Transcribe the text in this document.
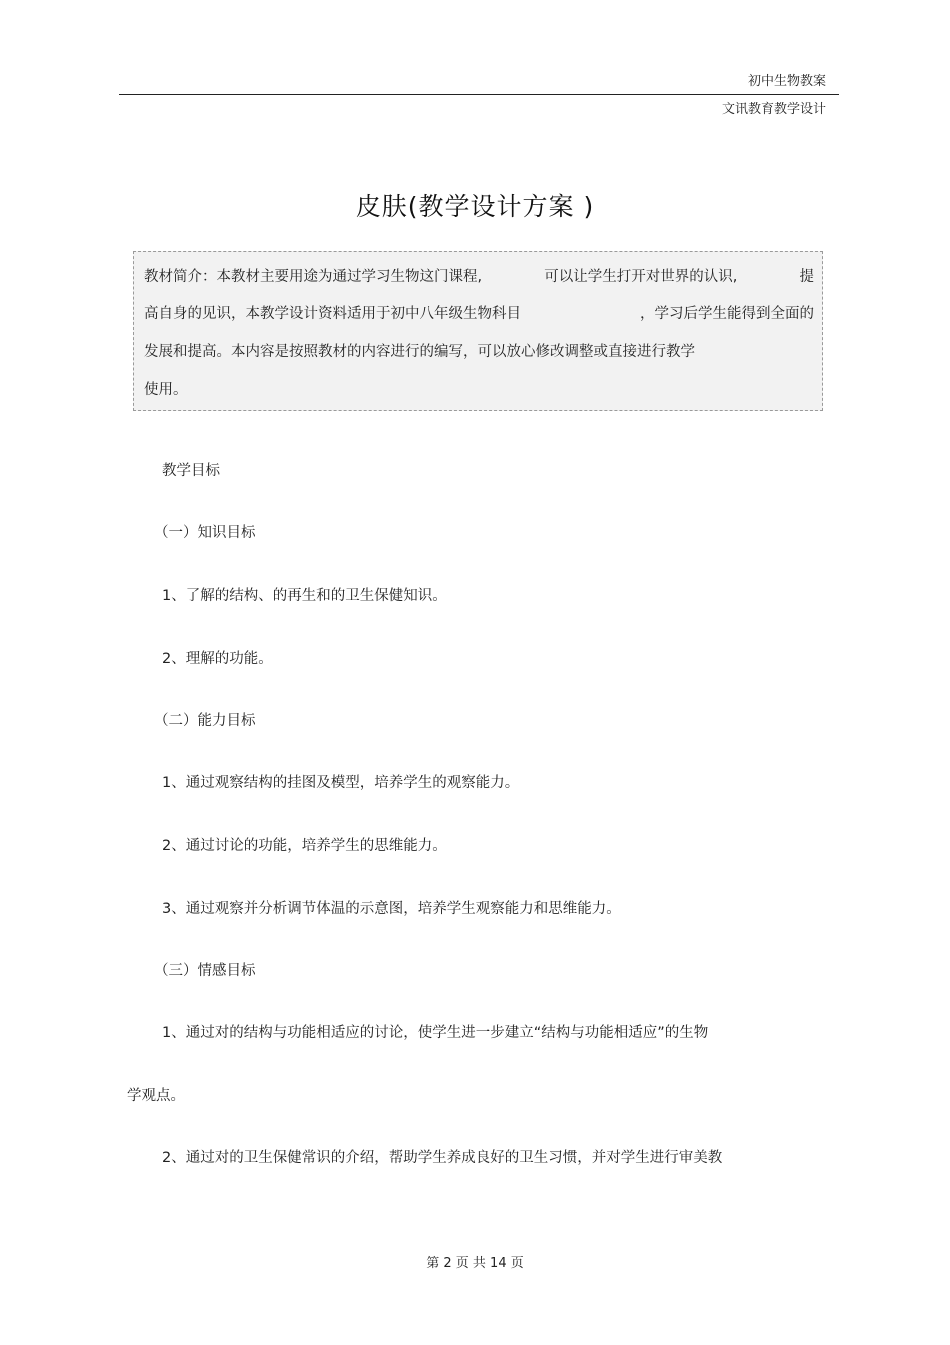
初中生物教案
文讯教育教学设计
皮肤(教学设计方案 )
教材简介：本教材主要用途为通过学习生物这门课程,	可以让学生打开对世界的认识,	提
高自身的见识，本教学设计资料适用于初中八年级生物科目	，学习后学生能得到全面的
发展和提高。本内容是按照教材的内容进行的编写，可以放心修改调整或直接进行教学
使用。
教学目标
（一）知识目标
1、了解的结构、的再生和的卫生保健知识。
2、理解的功能。
（二）能力目标
1、通过观察结构的挂图及模型，培养学生的观察能力。
2、通过讨论的功能，培养学生的思维能力。
3、通过观察并分析调节体温的示意图，培养学生观察能力和思维能力。
（三）情感目标
1、通过对的结构与功能相适应的讨论，使学生进一步建立“结构与功能相适应”的生物
学观点。
2、通过对的卫生保健常识的介绍，帮助学生养成良好的卫生习惯，并对学生进行审美教
第 2 页 共 14 页
